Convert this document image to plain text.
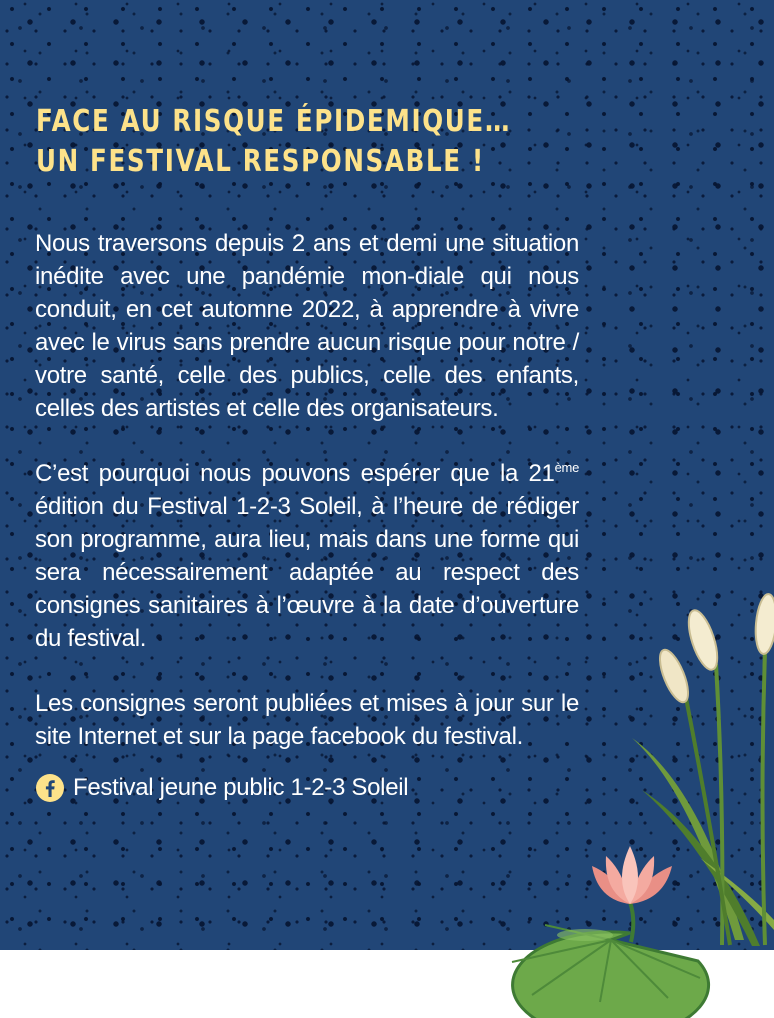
FACE AU RISQUE ÉPIDEMIQUE…
UN FESTIVAL RESPONSABLE !

Nous traversons depuis 2 ans et demi une situation inédite avec une pandémie mon-diale qui nous conduit, en cet automne 2022, à apprendre à vivre avec le virus sans prendre aucun risque pour notre / votre santé, celle des publics, celle des enfants, celles des artistes et celle des organisateurs.

C’est pourquoi nous pouvons espérer que la 21ème édition du Festival 1-2-3 Soleil, à l’heure de rédiger son programme, aura lieu, mais dans une forme qui sera nécessairement adaptée au respect des consignes sanitaires à l’œuvre à la date d’ouverture du festival.

Les consignes seront publiées et mises à jour sur le site Internet et sur la page facebook du festival.

Festival jeune public 1-2-3 Soleil
